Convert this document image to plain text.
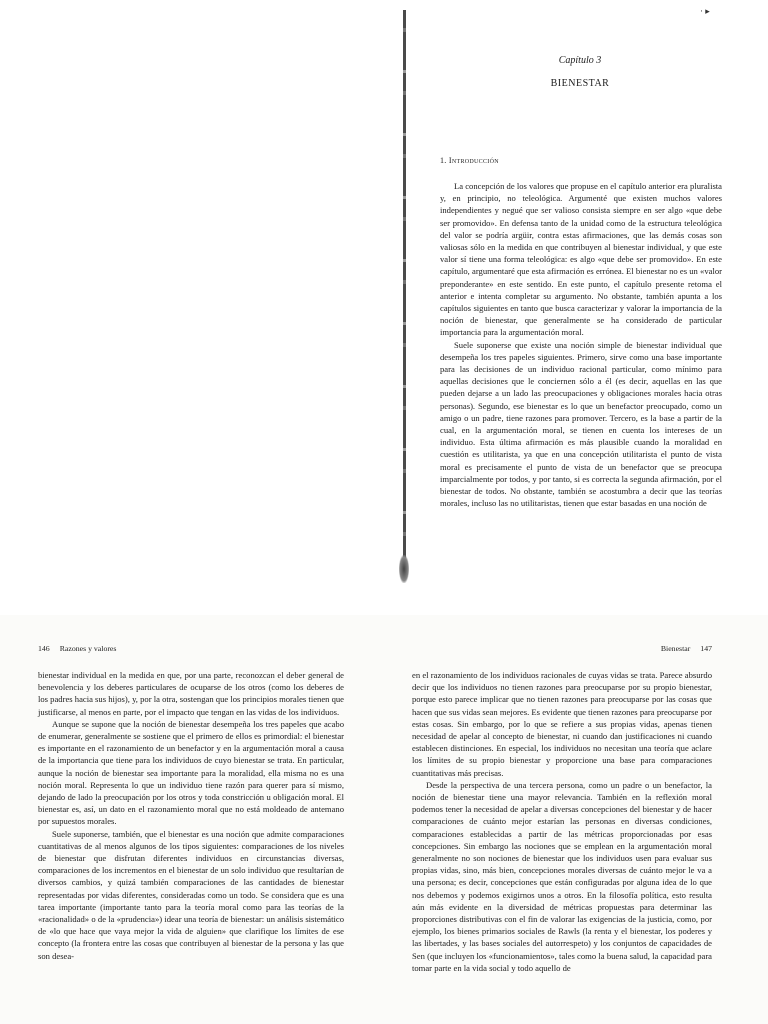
· ▸
Capítulo 3
BIENESTAR
1. Introducción

La concepción de los valores que propuse en el capítulo anterior era pluralista y, en principio, no teleológica. Argumenté que existen muchos valores independientes y negué que ser valioso consista siempre en ser algo «que debe ser promovido». En defensa tanto de la unidad como de la estructura teleológica del valor se podría argüir, contra estas afirmaciones, que las demás cosas son valiosas sólo en la medida en que contribuyen al bienestar individual, y que este valor sí tiene una forma teleológica: es algo «que debe ser promovido». En este capítulo, argumentaré que esta afirmación es errónea. El bienestar no es un «valor preponderante» en este sentido. En este punto, el capítulo presente retoma el anterior e intenta completar su argumento. No obstante, también apunta a los capítulos siguientes en tanto que busca caracterizar y valorar la importancia de la noción de bienestar, que generalmente se ha considerado de particular importancia para la argumentación moral.

Suele suponerse que existe una noción simple de bienestar individual que desempeña los tres papeles siguientes. Primero, sirve como una base importante para las decisiones de un individuo racional particular, como mínimo para aquellas decisiones que le conciernen sólo a él (es decir, aquellas en las que pueden dejarse a un lado las preocupaciones y obligaciones morales hacia otras personas). Segundo, ese bienestar es lo que un benefactor preocupado, como un amigo o un padre, tiene razones para promover. Tercero, es la base a partir de la cual, en la argumentación moral, se tienen en cuenta los intereses de un individuo. Esta última afirmación es más plausible cuando la moralidad en cuestión es utilitarista, ya que en una concepción utilitarista el punto de vista moral es precisamente el punto de vista de un benefactor que se preocupa imparcialmente por todos, y por tanto, si es correcta la segunda afirmación, por el bienestar de todos. No obstante, también se acostumbra a decir que las teorías morales, incluso las no utilitaristas, tienen que estar basadas en una noción de

146 Razones y valores	Bienestar 147

bienestar individual en la medida en que, por una parte, reconozcan el deber general de benevolencia y los deberes particulares de ocuparse de los otros (como los deberes de los padres hacia sus hijos), y, por la otra, sostengan que los principios morales tienen que justificarse, al menos en parte, por el impacto que tengan en las vidas de los individuos.

Aunque se supone que la noción de bienestar desempeña los tres papeles que acabo de enumerar, generalmente se sostiene que el primero de ellos es primordial: el bienestar es importante en el razonamiento de un benefactor y en la argumentación moral a causa de la importancia que tiene para los individuos de cuyo bienestar se trata. En particular, aunque la noción de bienestar sea importante para la moralidad, ella misma no es una noción moral. Representa lo que un individuo tiene razón para querer para sí mismo, dejando de lado la preocupación por los otros y toda constricción u obligación moral. El bienestar es, así, un dato en el razonamiento moral que no está moldeado de antemano por supuestos morales.

Suele suponerse, también, que el bienestar es una noción que admite comparaciones cuantitativas de al menos algunos de los tipos siguientes: comparaciones de los niveles de bienestar que disfrutan diferentes individuos en circunstancias diversas, comparaciones de los incrementos en el bienestar de un solo individuo que resultarían de diversos cambios, y quizá también comparaciones de las cantidades de bienestar representadas por vidas diferentes, consideradas como un todo. Se considera que es una tarea importante (importante tanto para la teoría moral como para las teorías de la «racionalidad» o de la «prudencia») idear una teoría de bienestar: un análisis sistemático de «lo que hace que vaya mejor la vida de alguien» que clarifique los límites de ese concepto (la frontera entre las cosas que contribuyen al bienestar de la persona y las que son desea-

en el razonamiento de los individuos racionales de cuyas vidas se trata. Parece absurdo decir que los individuos no tienen razones para preocuparse por su propio bienestar, porque esto parece implicar que no tienen razones para preocuparse por las cosas que hacen que sus vidas sean mejores. Es evidente que tienen razones para preocuparse por estas cosas. Sin embargo, por lo que se refiere a sus propias vidas, apenas tienen necesidad de apelar al concepto de bienestar, ni cuando dan justificaciones ni cuando establecen distinciones. En especial, los individuos no necesitan una teoría que aclare los límites de su propio bienestar y proporcione una base para comparaciones cuantitativas más precisas.

Desde la perspectiva de una tercera persona, como un padre o un benefactor, la noción de bienestar tiene una mayor relevancia. También en la reflexión moral podemos tener la necesidad de apelar a diversas concepciones del bienestar y de hacer comparaciones de cuánto mejor estarían las personas en diversas condiciones, comparaciones establecidas a partir de las métricas proporcionadas por esas concepciones. Sin embargo las nociones que se emplean en la argumentación moral generalmente no son nociones de bienestar que los individuos usen para evaluar sus propias vidas, sino, más bien, concepciones morales diversas de cuánto mejor le va a una persona; es decir, concepciones que están configuradas por alguna idea de lo que nos debemos y podemos exigirnos unos a otros. En la filosofía política, esto resulta aún más evidente en la diversidad de métricas propuestas para determinar las proporciones distributivas con el fin de valorar las exigencias de la justicia, como, por ejemplo, los bienes primarios sociales de Rawls (la renta y el bienestar, los poderes y las libertades, y las bases sociales del autorrespeto) y los conjuntos de capacidades de Sen (que incluyen los «funcionamientos», tales como la buena salud, la capacidad para tomar parte en la vida social y todo aquello de
